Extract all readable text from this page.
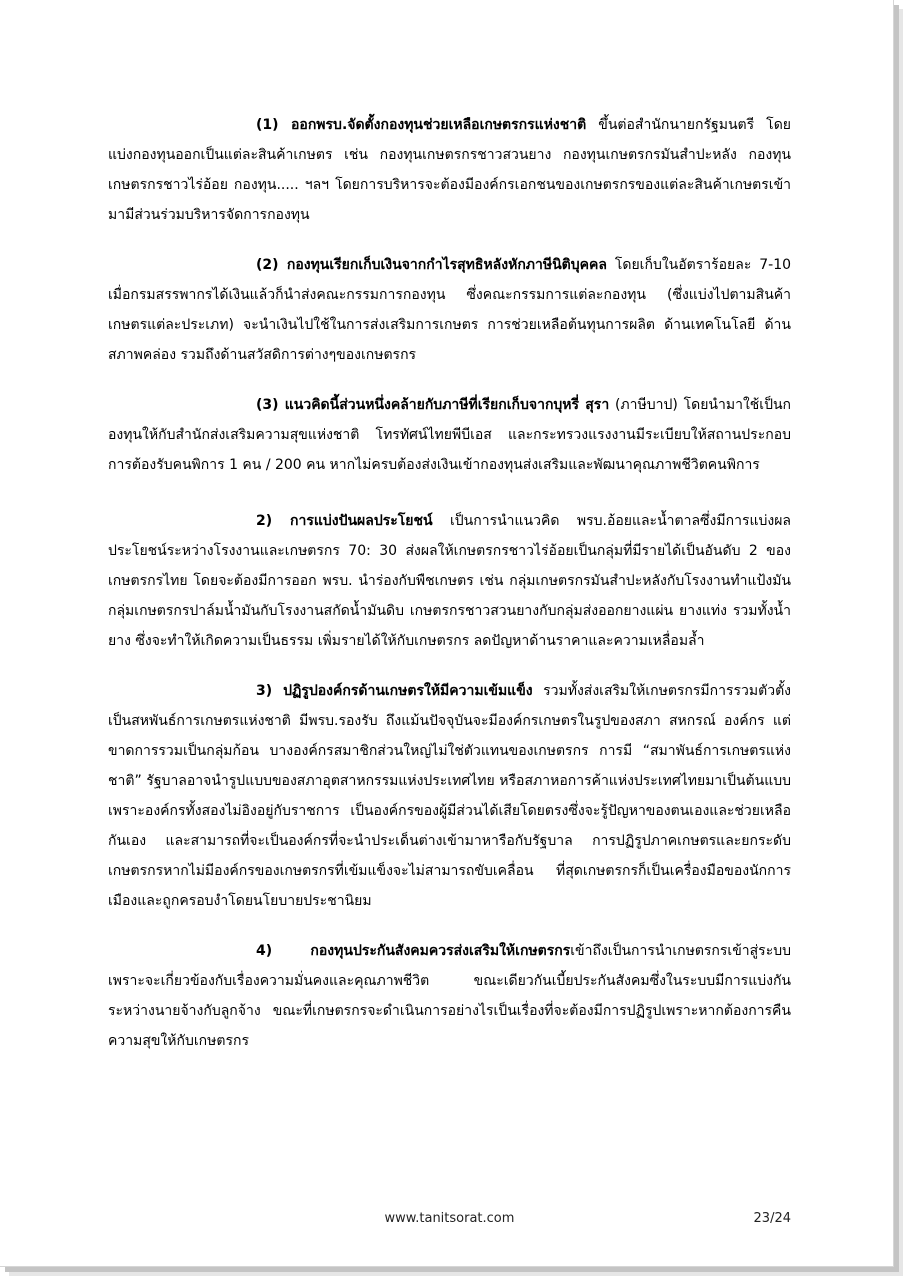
(1) ออกพรบ.จัดตั้งกองทุนช่วยเหลือเกษตรกรแห่งชาติ ขึ้นต่อสำนักนายกรัฐมนตรี โดยแบ่งกองทุนออกเป็นแต่ละสินค้าเกษตร เช่น กองทุนเกษตรกรชาวสวนยาง กองทุนเกษตรกรมันสำปะหลัง กองทุนเกษตรกรชาวไร่อ้อย กองทุน..... ฯลฯ โดยการบริหารจะต้องมีองค์กรเอกชนของเกษตรกรของแต่ละสินค้าเกษตรเข้ามามีส่วนร่วมบริหารจัดการกองทุน

(2) กองทุนเรียกเก็บเงินจากกำไรสุทธิหลังหักภาษีนิติบุคคล โดยเก็บในอัตราร้อยละ 7-10 เมื่อกรมสรรพากรได้เงินแล้วก็นำส่งคณะกรรมการกองทุน ซึ่งคณะกรรมการแต่ละกองทุน (ซึ่งแบ่งไปตามสินค้าเกษตรแต่ละประเภท) จะนำเงินไปใช้ในการส่งเสริมการเกษตร การช่วยเหลือต้นทุนการผลิต ด้านเทคโนโลยี ด้านสภาพคล่อง รวมถึงด้านสวัสดิการต่างๆของเกษตรกร

(3) แนวคิดนี้ส่วนหนึ่งคล้ายกับภาษีที่เรียกเก็บจากบุหรี่ สุรา (ภาษีบาป) โดยนำมาใช้เป็นกองทุนให้กับสำนักส่งเสริมความสุขแห่งชาติ โทรทัศน์ไทยพีบีเอส และกระทรวงแรงงานมีระเบียบให้สถานประกอบการต้องรับคนพิการ 1 คน / 200 คน หากไม่ครบต้องส่งเงินเข้ากองทุนส่งเสริมและพัฒนาคุณภาพชีวิตคนพิการ

2) การแบ่งปันผลประโยชน์ เป็นการนำแนวคิด พรบ.อ้อยและน้ำตาลซึ่งมีการแบ่งผลประโยชน์ระหว่างโรงงานและเกษตรกร 70: 30 ส่งผลให้เกษตรกรชาวไร่อ้อยเป็นกลุ่มที่มีรายได้เป็นอันดับ 2 ของเกษตรกรไทย โดยจะต้องมีการออก พรบ. นำร่องกับพืชเกษตร เช่น กลุ่มเกษตรกรมันสำปะหลังกับโรงงานทำแป้งมัน กลุ่มเกษตรกรปาล์มน้ำมันกับโรงงานสกัดน้ำมันดิบ เกษตรกรชาวสวนยางกับกลุ่มส่งออกยางแผ่น ยางแท่ง รวมทั้งน้ำยาง ซึ่งจะทำให้เกิดความเป็นธรรม เพิ่มรายได้ให้กับเกษตรกร ลดปัญหาด้านราคาและความเหลื่อมล้ำ

3) ปฏิรูปองค์กรด้านเกษตรให้มีความเข้มแข็ง รวมทั้งส่งเสริมให้เกษตรกรมีการรวมตัวตั้งเป็นสหพันธ์การเกษตรแห่งชาติ มีพรบ.รองรับ ถึงแม้นปัจจุบันจะมีองค์กรเกษตรในรูปของสภา สหกรณ์ องค์กร แต่ขาดการรวมเป็นกลุ่มก้อน บางองค์กรสมาชิกส่วนใหญ่ไม่ใช่ตัวแทนของเกษตรกร การมี “สมาพันธ์การเกษตรแห่งชาติ” รัฐบาลอาจนำรูปแบบของสภาอุตสาหกรรมแห่งประเทศไทย หรือสภาหอการค้าแห่งประเทศไทยมาเป็นต้นแบบ เพราะองค์กรทั้งสองไม่อิงอยู่กับราชการ เป็นองค์กรของผู้มีส่วนได้เสียโดยตรงซึ่งจะรู้ปัญหาของตนเองและช่วยเหลือกันเอง และสามารถที่จะเป็นองค์กรที่จะนำประเด็นต่างเข้ามาหารือกับรัฐบาล การปฏิรูปภาคเกษตรและยกระดับเกษตรกรหากไม่มีองค์กรของเกษตรกรที่เข้มแข็งจะไม่สามารถขับเคลื่อน ที่สุดเกษตรกรก็เป็นเครื่องมือของนักการเมืองและถูกครอบงำโดยนโยบายประชานิยม

4) กองทุนประกันสังคมควรส่งเสริมให้เกษตรกรเข้าถึงเป็นการนำเกษตรกรเข้าสู่ระบบ เพราะจะเกี่ยวข้องกับเรื่องความมั่นคงและคุณภาพชีวิต ขณะเดียวกันเบี้ยประกันสังคมซึ่งในระบบมีการแบ่งกันระหว่างนายจ้างกับลูกจ้าง ขณะที่เกษตรกรจะดำเนินการอย่างไรเป็นเรื่องที่จะต้องมีการปฏิรูปเพราะหากต้องการคืนความสุขให้กับเกษตรกร

www.tanitsorat.com	23/24
